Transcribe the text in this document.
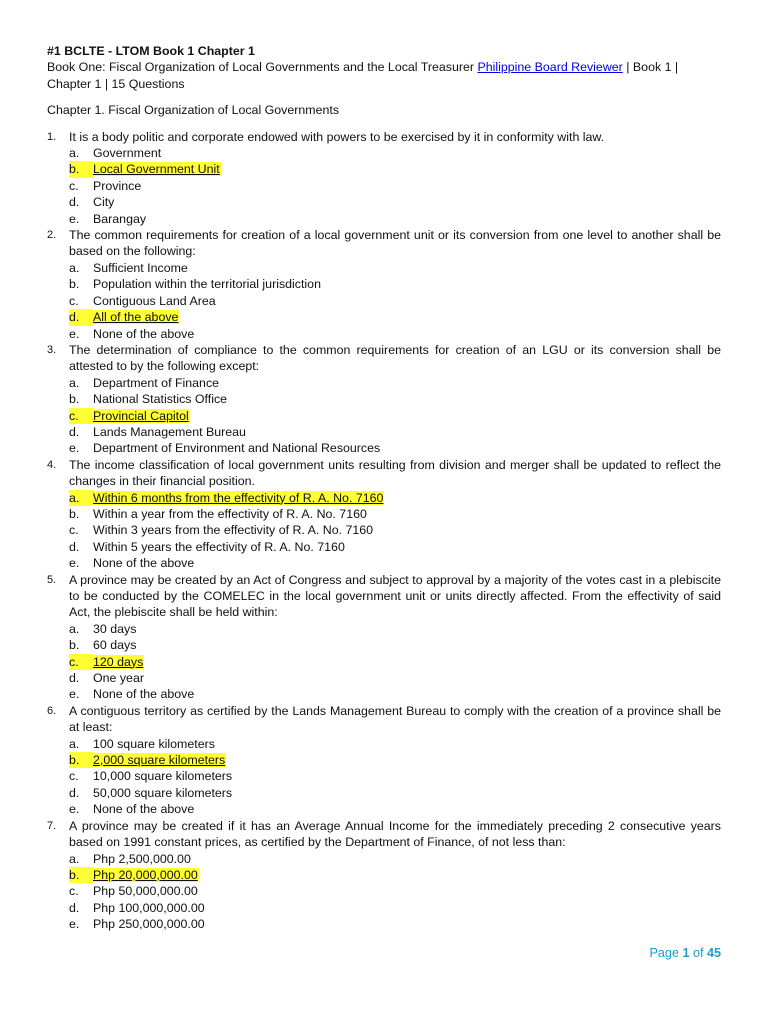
#1 BCLTE - LTOM Book 1 Chapter 1

Book One: Fiscal Organization of Local Governments and the Local Treasurer Philippine Board Reviewer | Book 1 | Chapter 1 | 15 Questions

Chapter 1. Fiscal Organization of Local Governments
1. It is a body politic and corporate endowed with powers to be exercised by it in conformity with law.
a. Government
b.	Local Government Unit
c. Province
d. City
e. Barangay
2. The common requirements for creation of a local government unit or its conversion from one level to another shall be based on the following:
a. Sufficient Income
b. Population within the territorial jurisdiction
c. Contiguous Land Area
d.	All of the above
e. None of the above
3. The determination of compliance to the common requirements for creation of an LGU or its conversion shall be attested to by the following except:
a. Department of Finance
b. National Statistics Office
c.	Provincial Capitol
d. Lands Management Bureau
e. Department of Environment and National Resources
4. The income classification of local government units resulting from division and merger shall be updated to reflect the changes in their financial position.
a.	Within 6 months from the effectivity of R. A. No. 7160
b. Within a year from the effectivity of R. A. No. 7160
c. Within 3 years from the effectivity of R. A. No. 7160
d. Within 5 years the effectivity of R. A. No. 7160
e. None of the above
5. A province may be created by an Act of Congress and subject to approval by a majority of the votes cast in a plebiscite to be conducted by the COMELEC in the local government unit or units directly affected. From the effectivity of said Act, the plebiscite shall be held within:
a. 30 days
b. 60 days
c.	120 days
d. One year
e. None of the above
6. A contiguous territory as certified by the Lands Management Bureau to comply with the creation of a province shall be at least:
a. 100 square kilometers
b.	2,000 square kilometers
c. 10,000 square kilometers
d. 50,000 square kilometers
e. None of the above
7. A province may be created if it has an Average Annual Income for the immediately preceding 2 consecutive years based on 1991 constant prices, as certified by the Department of Finance, of not less than:
a. Php 2,500,000.00
b.	Php 20,000,000.00
c. Php 50,000,000.00
d. Php 100,000,000.00
e. Php 250,000,000.00
Page 1 of 45
